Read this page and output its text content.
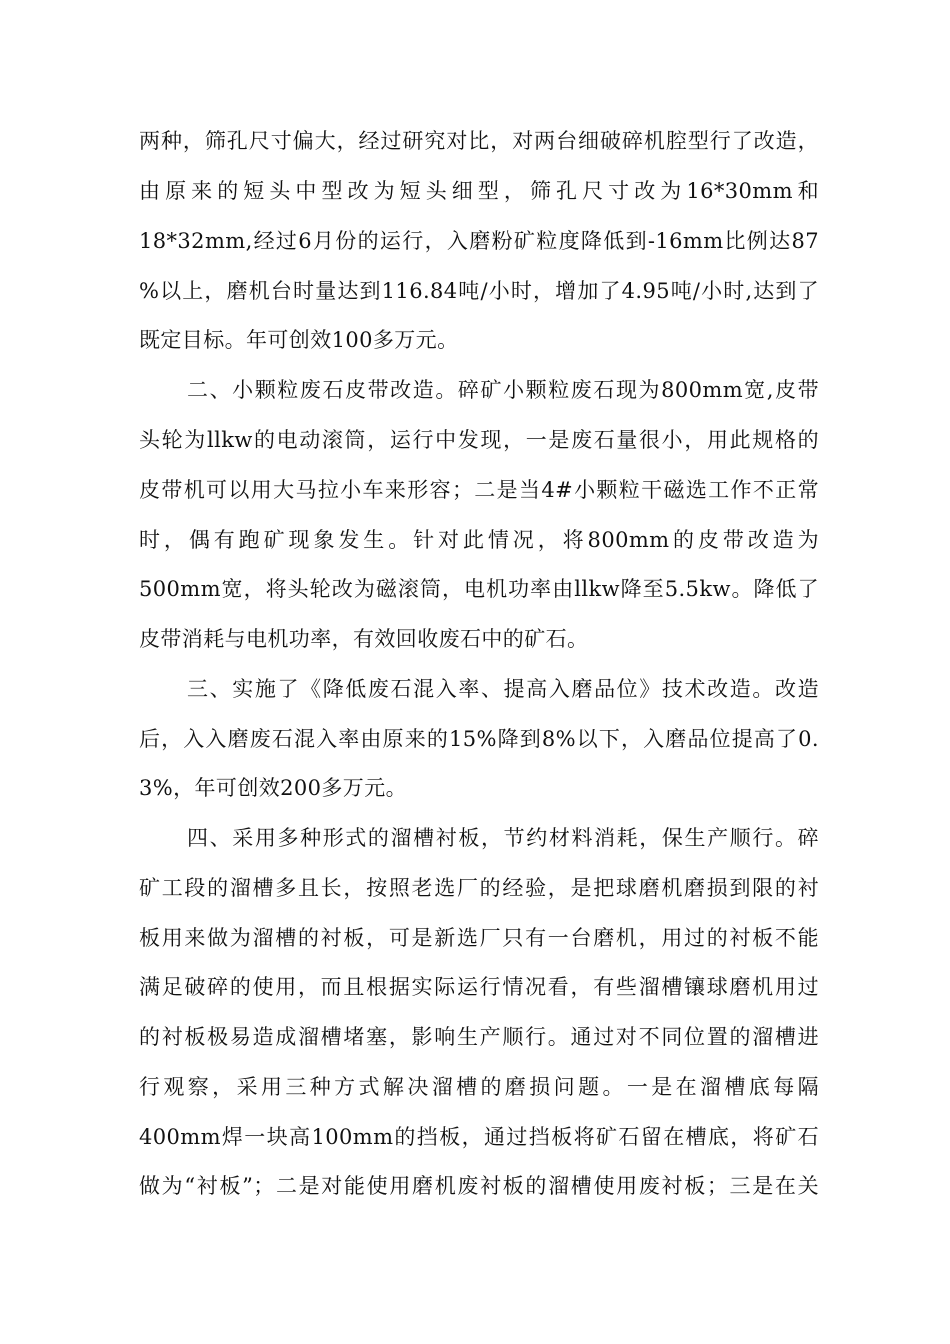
两种，筛孔尺寸偏大，经过研究对比，对两台细破碎机腔型行了改造，
由原来的短头中型改为短头细型，筛孔尺寸改为16*30mm和
18*32mm,经过6月份的运行，入磨粉矿粒度降低到-16mm比例达87
%以上，磨机台时量达到116.84吨/小时，增加了4.95吨/小时,达到了
既定目标。年可创效100多万元。
二、小颗粒废石皮带改造。碎矿小颗粒废石现为800mm宽,皮带
头轮为llkw的电动滚筒，运行中发现，一是废石量很小，用此规格的
皮带机可以用大马拉小车来形容；二是当4#小颗粒干磁选工作不正常
时，偶有跑矿现象发生。针对此情况，将800mm的皮带改造为
500mm宽，将头轮改为磁滚筒，电机功率由llkw降至5.5kw。降低了
皮带消耗与电机功率，有效回收废石中的矿石。
三、实施了《降低废石混入率、提高入磨品位》技术改造。改造
后，入入磨废石混入率由原来的15%降到8%以下，入磨品位提高了0.
3%，年可创效200多万元。
四、采用多种形式的溜槽衬板，节约材料消耗，保生产顺行。碎
矿工段的溜槽多且长，按照老选厂的经验，是把球磨机磨损到限的衬
板用来做为溜槽的衬板，可是新选厂只有一台磨机，用过的衬板不能
满足破碎的使用，而且根据实际运行情况看，有些溜槽镶球磨机用过
的衬板极易造成溜槽堵塞，影响生产顺行。通过对不同位置的溜槽进
行观察，采用三种方式解决溜槽的磨损问题。一是在溜槽底每隔
400mm焊一块高100mm的挡板，通过挡板将矿石留在槽底，将矿石
做为“衬板”；二是对能使用磨机废衬板的溜槽使用废衬板；三是在关
